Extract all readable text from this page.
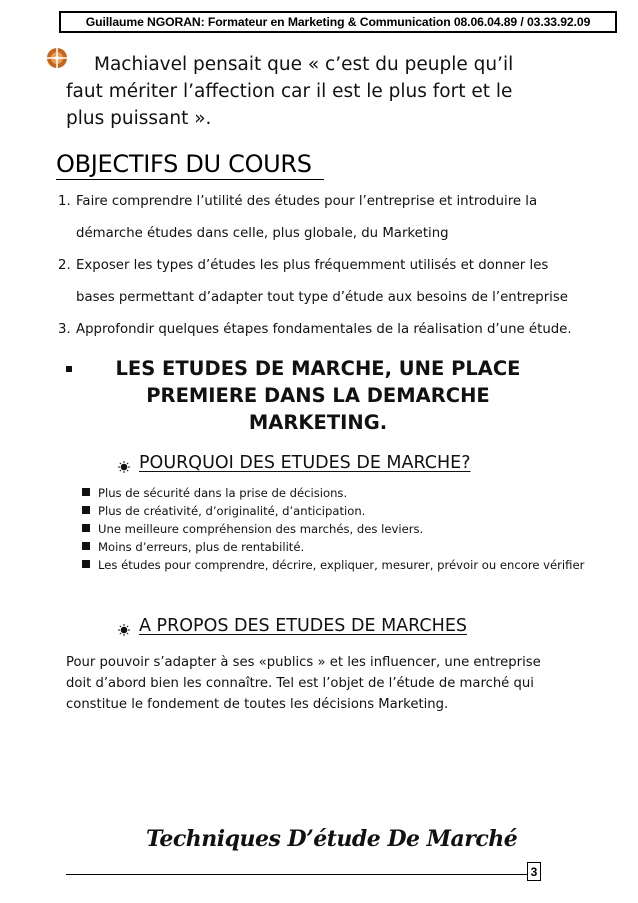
Guillaume NGORAN: Formateur en Marketing & Communication 08.06.04.89 / 03.33.92.09
Machiavel pensait que « c’est du peuple qu’il
faut mériter l’affection car il est le plus fort et le
plus puissant ».
OBJECTIFS DU COURS
1. Faire comprendre l’utilité des études pour l’entreprise et introduire la
démarche études dans celle, plus globale, du Marketing
2. Exposer les types d’études les plus fréquemment utilisés et donner les
bases permettant d’adapter tout type d’étude aux besoins de l’entreprise
3. Approfondir quelques étapes fondamentales de la réalisation d’une étude.
LES ETUDES DE MARCHE, UNE PLACE
PREMIERE DANS LA DEMARCHE
MARKETING.
POURQUOI DES ETUDES DE MARCHE?
Plus de sécurité dans la prise de décisions.
Plus de créativité, d’originalité, d’anticipation.
Une meilleure compréhension des marchés, des leviers.
Moins d’erreurs, plus de rentabilité.
Les études pour comprendre, décrire, expliquer, mesurer, prévoir ou encore vérifier
A PROPOS DES ETUDES DE MARCHES
Pour pouvoir s’adapter à ses «publics » et les influencer, une entreprise
doit d’abord bien les connaître. Tel est l’objet de l’étude de marché qui
constitue le fondement de toutes les décisions Marketing.
Techniques D’étude De Marché
3
